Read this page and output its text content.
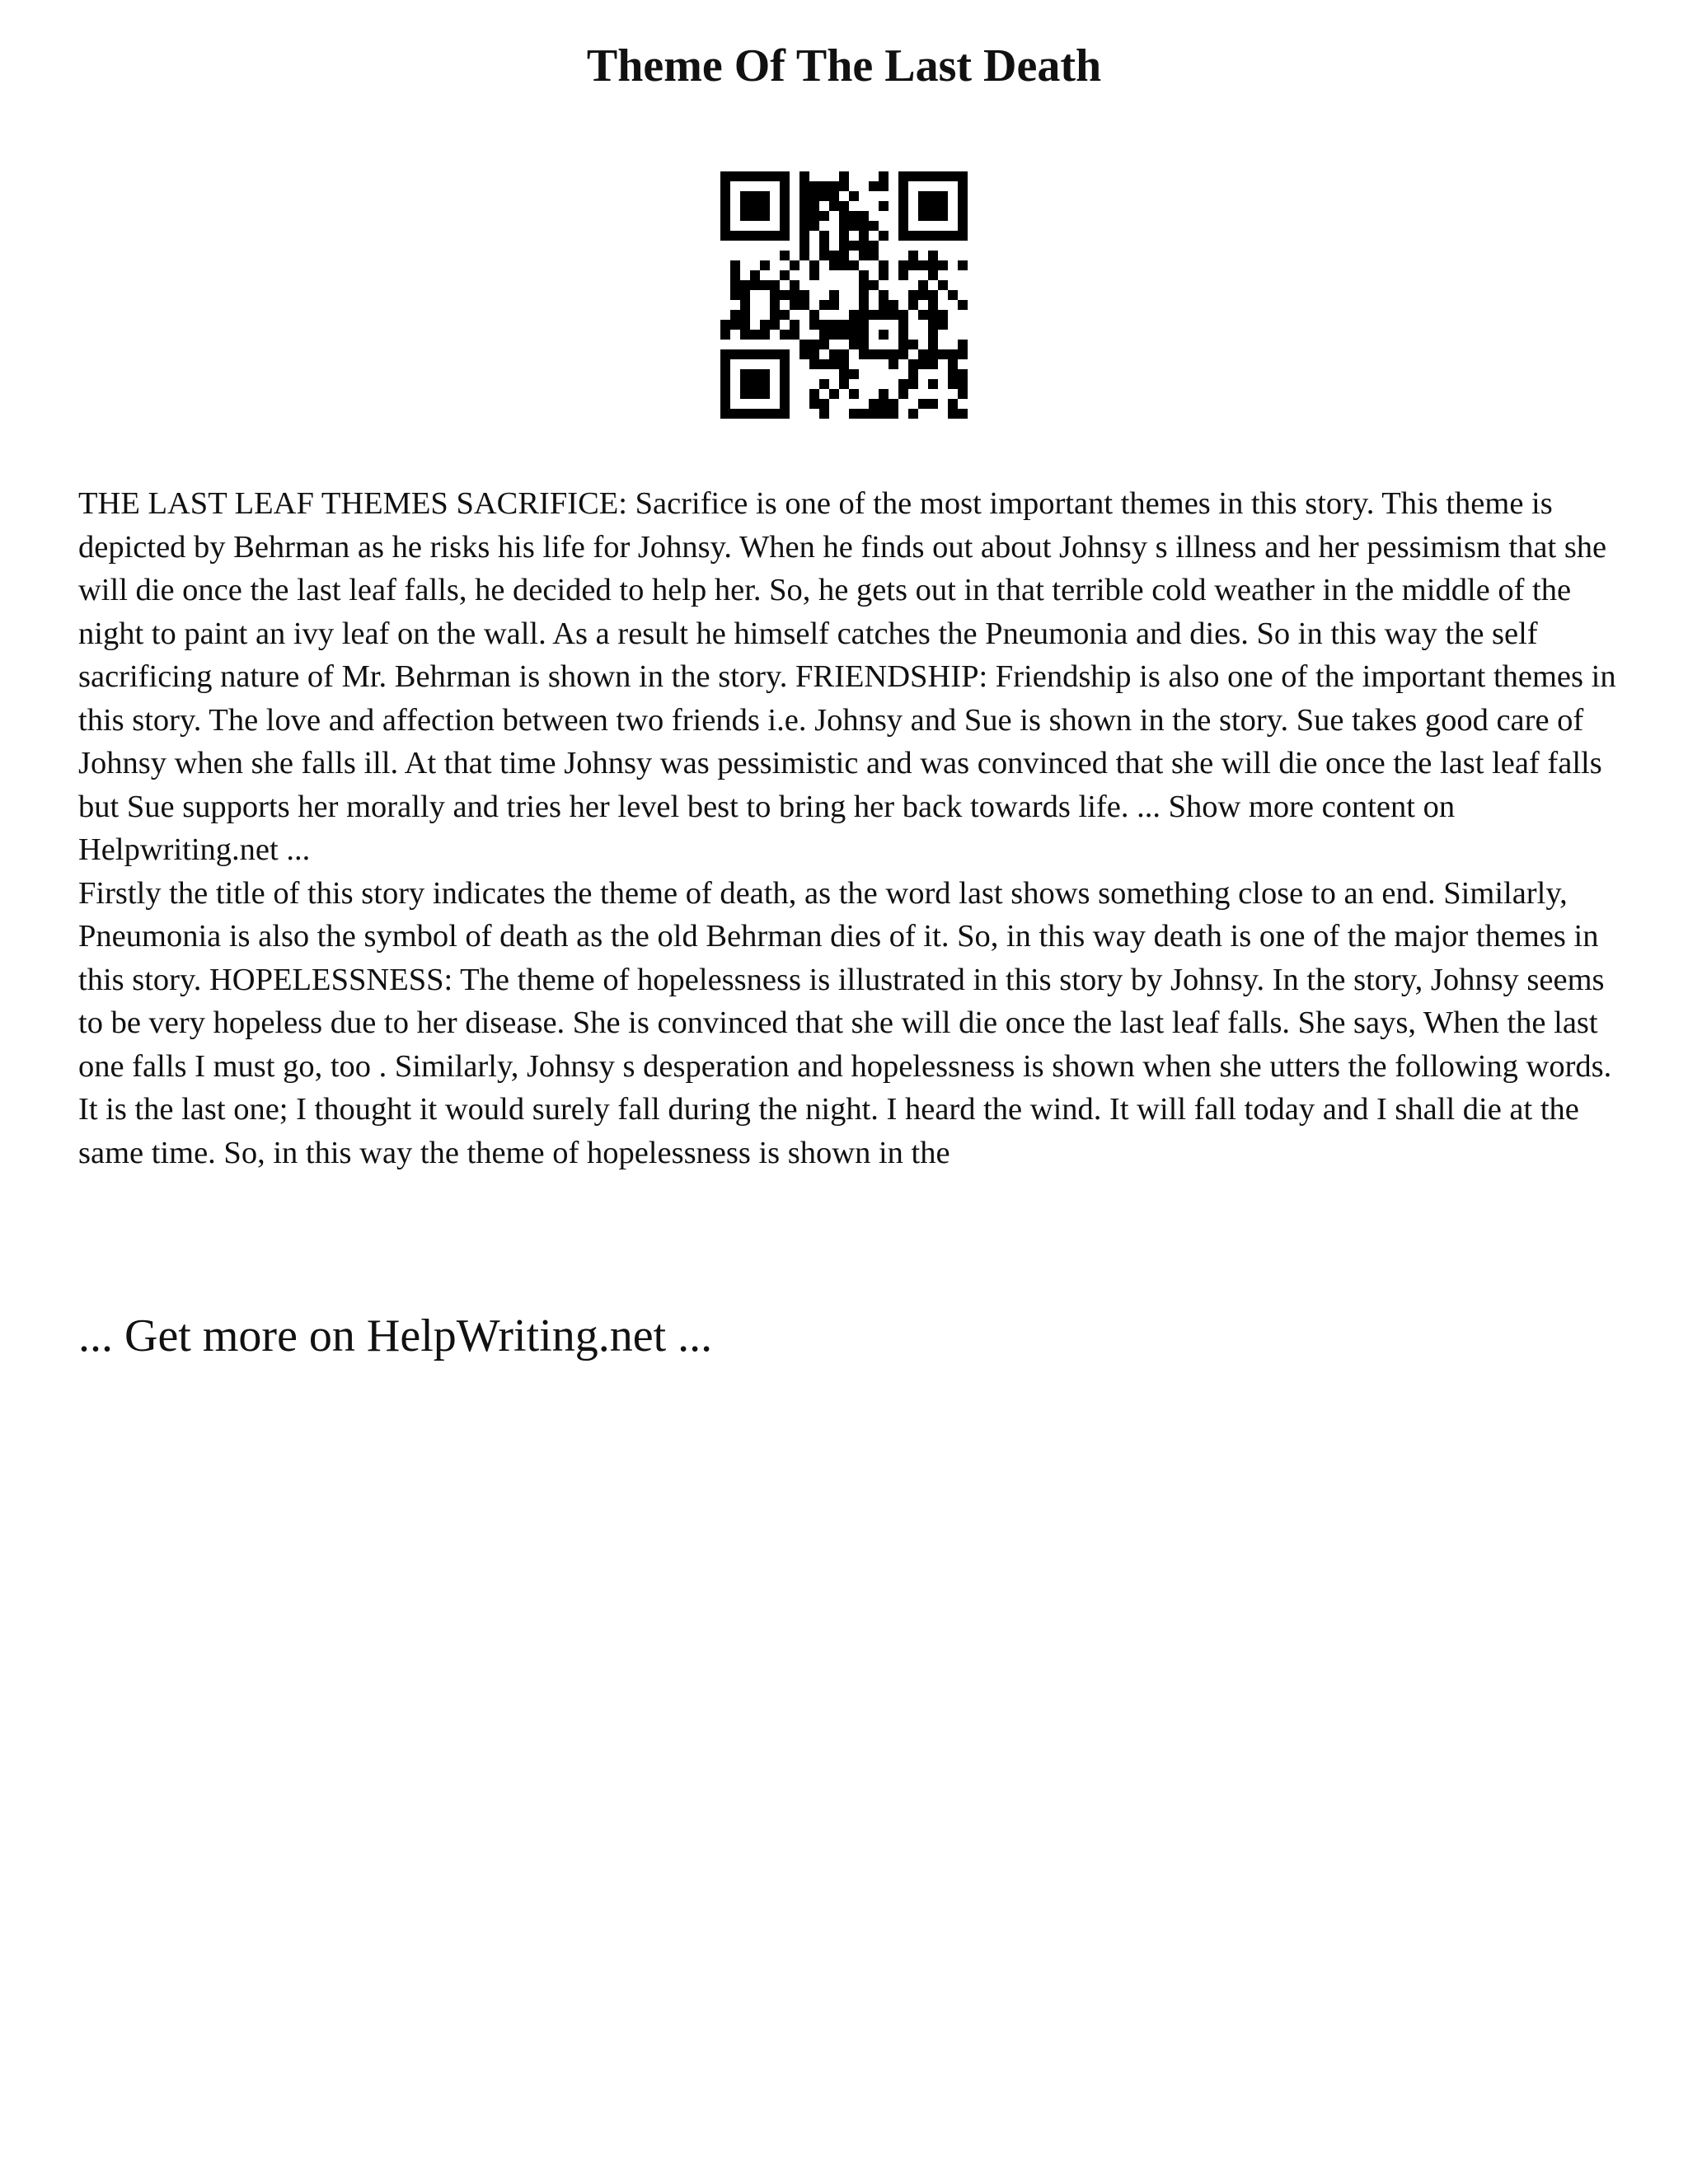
Theme Of The Last Death

THE LAST LEAF THEMES SACRIFICE: Sacrifice is one of the most important themes in this story. This theme is depicted by Behrman as he risks his life for Johnsy. When he finds out about Johnsy s illness and her pessimism that she will die once the last leaf falls, he decided to help her. So, he gets out in that terrible cold weather in the middle of the night to paint an ivy leaf on the wall. As a result he himself catches the Pneumonia and dies. So in this way the self sacrificing nature of Mr. Behrman is shown in the story. FRIENDSHIP: Friendship is also one of the important themes in this story. The love and affection between two friends i.e. Johnsy and Sue is shown in the story. Sue takes good care of Johnsy when she falls ill. At that time Johnsy was pessimistic and was convinced that she will die once the last leaf falls but Sue supports her morally and tries her level best to bring her back towards life. ... Show more content on Helpwriting.net ...

Firstly the title of this story indicates the theme of death, as the word last shows something close to an end. Similarly, Pneumonia is also the symbol of death as the old Behrman dies of it. So, in this way death is one of the major themes in this story. HOPELESSNESS: The theme of hopelessness is illustrated in this story by Johnsy. In the story, Johnsy seems to be very hopeless due to her disease. She is convinced that she will die once the last leaf falls. She says, When the last one falls I must go, too . Similarly, Johnsy s desperation and hopelessness is shown when she utters the following words. It is the last one; I thought it would surely fall during the night. I heard the wind. It will fall today and I shall die at the same time. So, in this way the theme of hopelessness is shown in the

... Get more on HelpWriting.net ...
